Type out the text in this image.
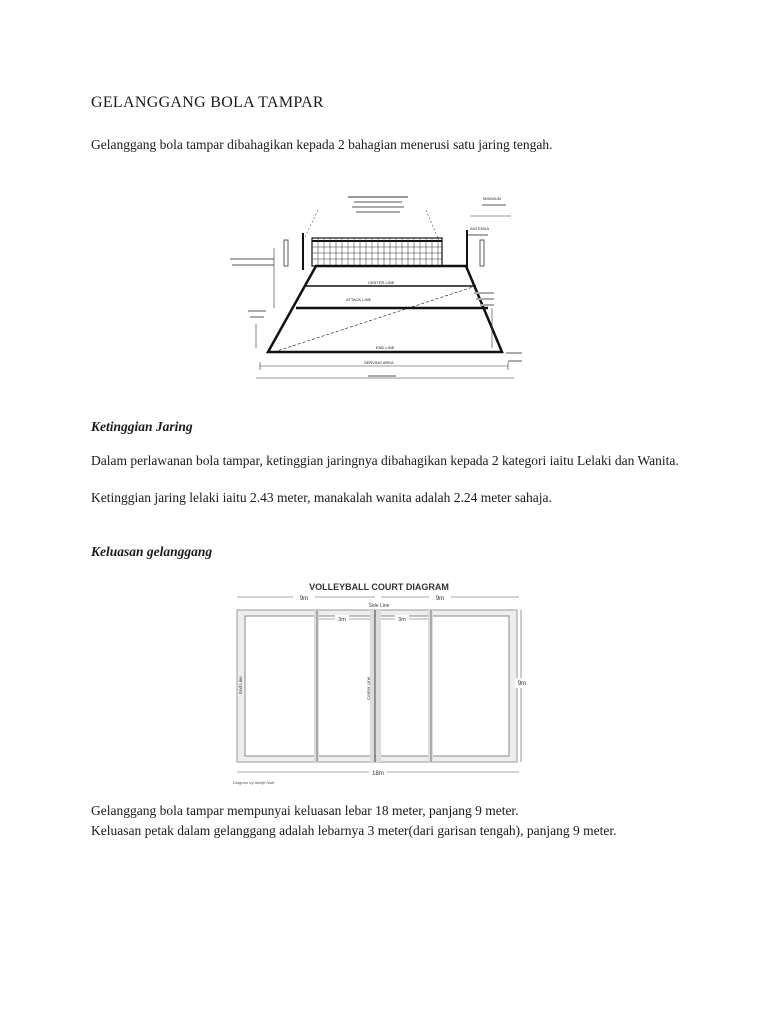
GELANGGANG BOLA TAMPAR

Gelanggang bola tampar dibahagikan kepada 2 bahagian menerusi satu jaring tengah.

MINIMUM
ANTENNA
CENTER LINE
ATTACK LINE
END LINE
SERVING AREA

Ketinggian Jaring

Dalam perlawanan bola tampar, ketinggian jaringnya dibahagikan kepada 2 kategori iaitu Lelaki dan Wanita.

Ketinggian jaring lelaki iaitu 2.43 meter, manakalah wanita adalah 2.24 meter sahaja.

Keluasan gelanggang

VOLLEYBALL COURT DIAGRAM
9m	9m
Side Line
3m	3m
End Line	Center Line	9m
18m
Diagram by Abhijit Naik

Gelanggang bola tampar mempunyai keluasan lebar 18 meter, panjang 9 meter.

Keluasan petak dalam gelanggang adalah lebarnya 3 meter(dari garisan tengah), panjang 9 meter.
